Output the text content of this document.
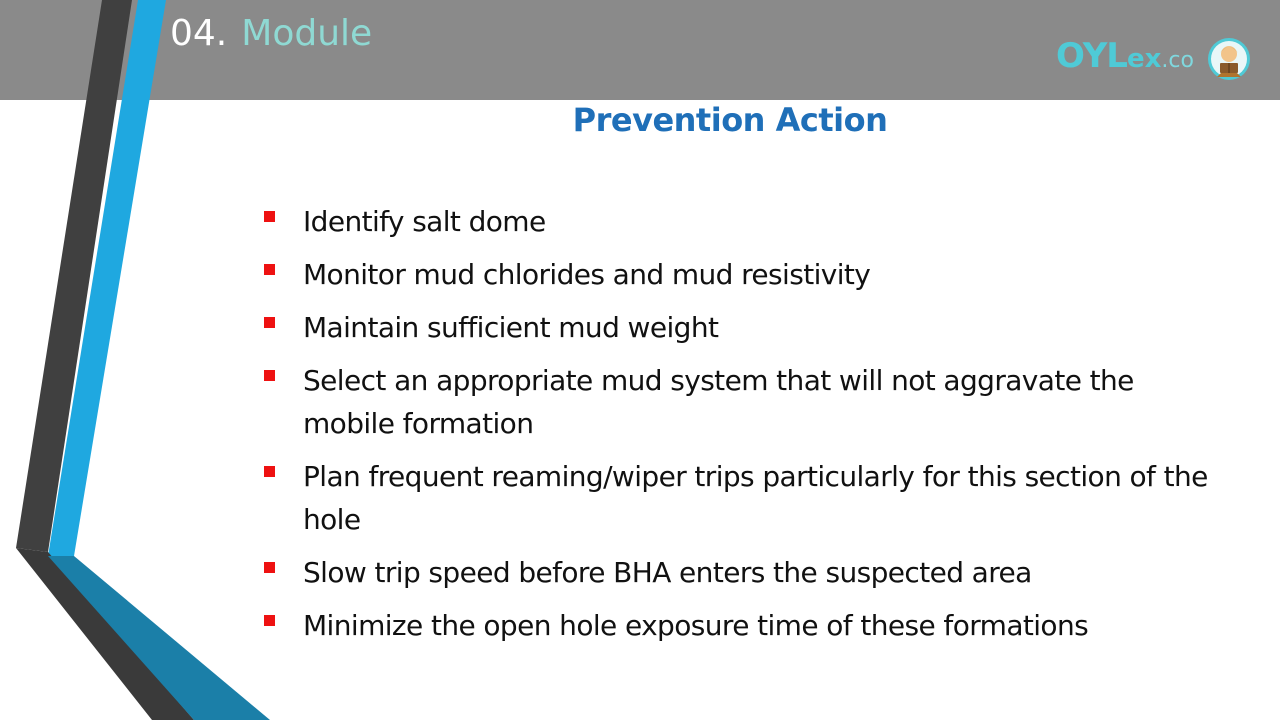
04. Module
OYLex.co
Prevention Action
Identify salt dome
Monitor mud chlorides and mud resistivity
Maintain sufficient mud weight
Select an appropriate mud system that will not aggravate the mobile formation
Plan frequent reaming/wiper trips particularly for this section of the hole
Slow trip speed before BHA enters the suspected area
Minimize the open hole exposure time of these formations
